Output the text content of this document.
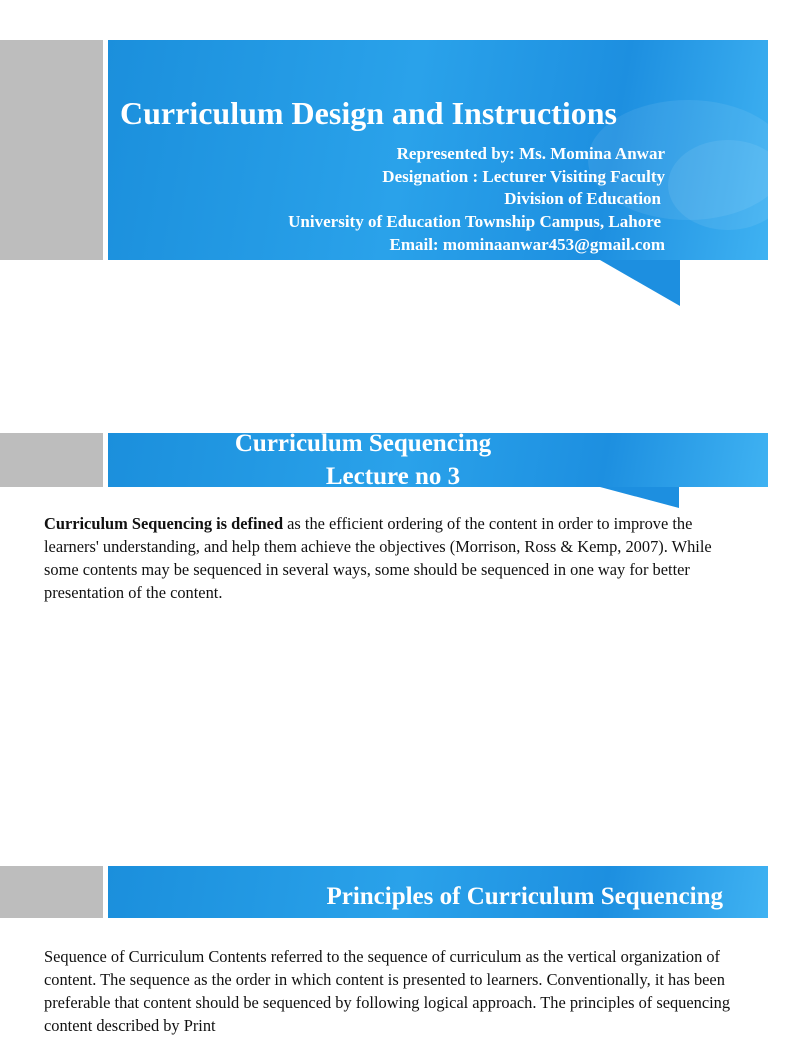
Curriculum Design and Instructions
Represented by: Ms. Momina Anwar
Designation : Lecturer Visiting Faculty
Division of Education
University of Education Township Campus, Lahore
Email: mominaanwar453@gmail.com
Curriculum Sequencing
Lecture no 3
Curriculum Sequencing is defined as the efficient ordering of the content in order to improve the learners' understanding, and help them achieve the objectives (Morrison, Ross & Kemp, 2007). While some contents may be sequenced in several ways, some should be sequenced in one way for better presentation of the content.
Principles of Curriculum Sequencing
Sequence of Curriculum Contents referred to the sequence of curriculum as the vertical organization of content. The sequence as the order in which content is presented to learners. Conventionally, it has been preferable that content should be sequenced by following logical approach. The principles of sequencing content described by Print
